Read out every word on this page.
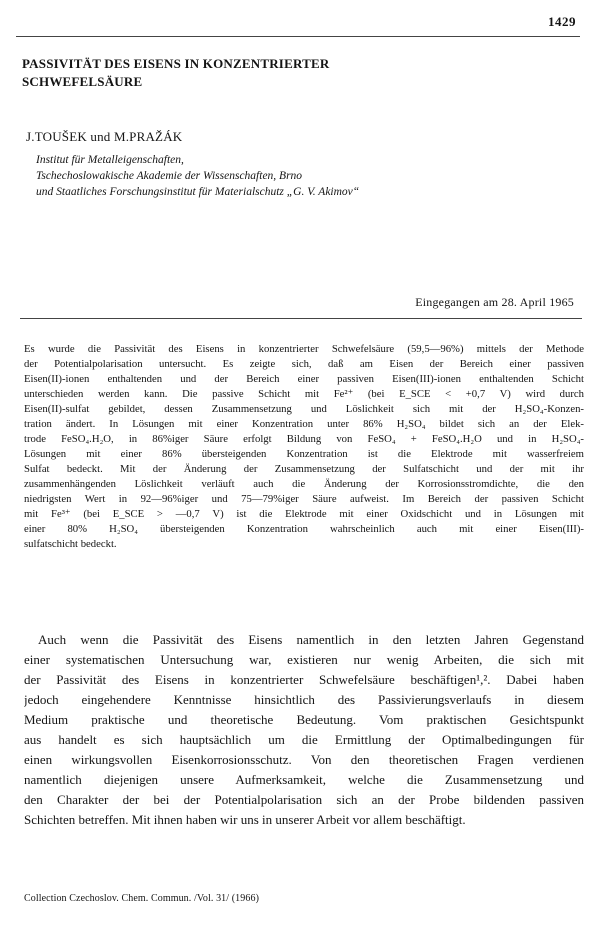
1429
PASSIVITÄT DES EISENS IN KONZENTRIERTER SCHWEFELSÄURE
J.TOUŠEK und M.PRAŽÁK
Institut für Metalleigenschaften,
Tschechoslowakische Akademie der Wissenschaften, Brno
und Staatliches Forschungsinstitut für Materialschutz „G. V. Akimov“
Eingegangen am 28. April 1965
Es wurde die Passivität des Eisens in konzentrierter Schwefelsäure (59,5—96%) mittels der Methode
der Potentialpolarisation untersucht. Es zeigte sich, daß am Eisen der Bereich einer passiven
Eisen(II)-ionen enthaltenden und der Bereich einer passiven Eisen(III)-ionen enthaltenden Schicht
unterschieden werden kann. Die passive Schicht mit Fe²⁺ (bei E_SCE < +0,7 V) wird durch
Eisen(II)-sulfat gebildet, dessen Zusammensetzung und Löslichkeit sich mit der H₂SO₄-Konzen-
tration ändert. In Lösungen mit einer Konzentration unter 86% H₂SO₄ bildet sich an der Elek-
trode FeSO₄.H₂O, in 86%iger Säure erfolgt Bildung von FeSO₄ + FeSO₄.H₂O und in H₂SO₄-
Lösungen mit einer 86% übersteigenden Konzentration ist die Elektrode mit wasserfreiem
Sulfat bedeckt. Mit der Änderung der Zusammensetzung der Sulfatschicht und der mit ihr
zusammenhängenden Löslichkeit verläuft auch die Änderung der Korrosionsstromdichte, die den
niedrigsten Wert in 92—96%iger und 75—79%iger Säure aufweist. Im Bereich der passiven Schicht
mit Fe³⁺ (bei E_SCE > —0,7 V) ist die Elektrode mit einer Oxidschicht und in Lösungen mit
einer 80% H₂SO₄ übersteigenden Konzentration wahrscheinlich auch mit einer Eisen(III)-
sulfatschicht bedeckt.
Auch wenn die Passivität des Eisens namentlich in den letzten Jahren Gegenstand
einer systematischen Untersuchung war, existieren nur wenig Arbeiten, die sich mit
der Passivität des Eisens in konzentrierter Schwefelsäure beschäftigen¹,². Dabei haben
jedoch eingehendere Kenntnisse hinsichtlich des Passivierungsverlaufs in diesem
Medium praktische und theoretische Bedeutung. Vom praktischen Gesichtspunkt
aus handelt es sich hauptsächlich um die Ermittlung der Optimalbedingungen für
einen wirkungsvollen Eisenkorrosionsschutz. Von den theoretischen Fragen verdienen
namentlich diejenigen unsere Aufmerksamkeit, welche die Zusammensetzung und
den Charakter der bei der Potentialpolarisation sich an der Probe bildenden passiven
Schichten betreffen. Mit ihnen haben wir uns in unserer Arbeit vor allem beschäftigt.
Collection Czechoslov. Chem. Commun. /Vol. 31/ (1966)
